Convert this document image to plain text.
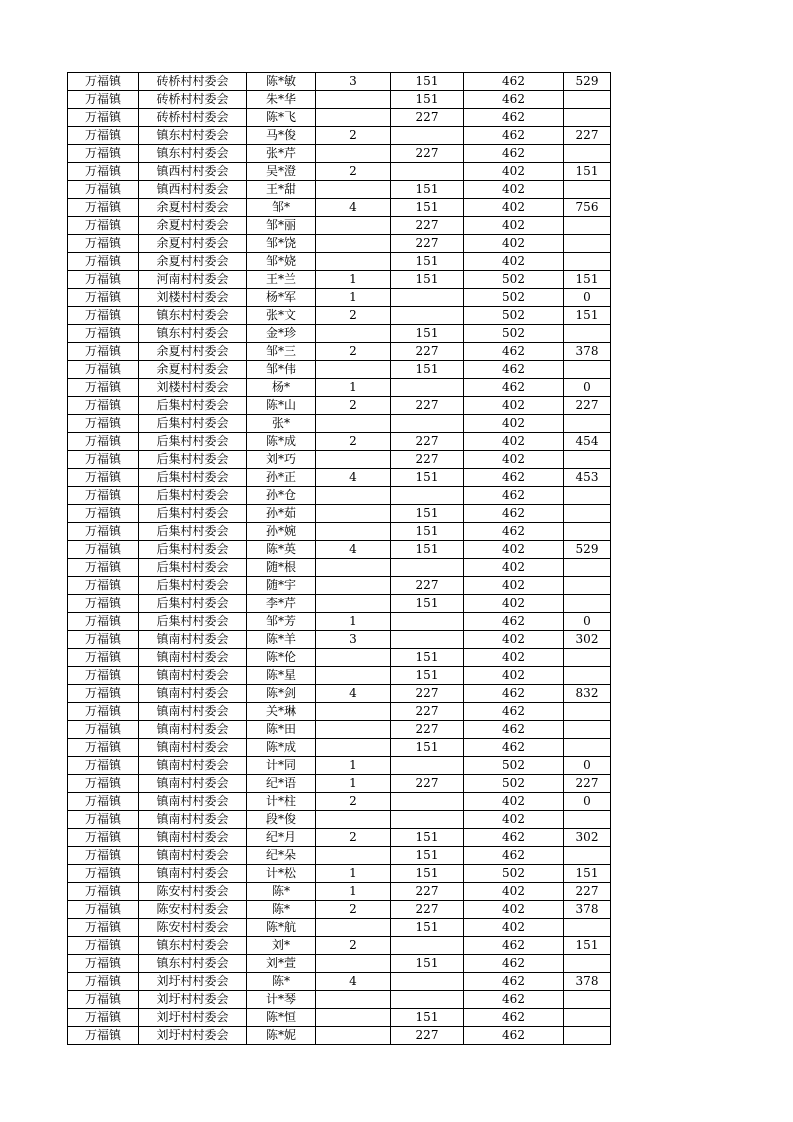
万福镇	砖桥村村委会	陈*敏	3	151	462	529
万福镇	砖桥村村委会	朱*华		151	462	
万福镇	砖桥村村委会	陈*飞		227	462	
万福镇	镇东村村委会	马*俊	2		462	227
万福镇	镇东村村委会	张*芹		227	462	
万福镇	镇西村村委会	吴*澄	2		402	151
万福镇	镇西村村委会	王*甜		151	402	
万福镇	余夏村村委会	邹*	4	151	402	756
万福镇	余夏村村委会	邹*丽		227	402	
万福镇	余夏村村委会	邹*饶		227	402	
万福镇	余夏村村委会	邹*娆		151	402	
万福镇	河南村村委会	王*兰	1	151	502	151
万福镇	刘楼村村委会	杨*军	1		502	0
万福镇	镇东村村委会	张*文	2		502	151
万福镇	镇东村村委会	金*珍		151	502	
万福镇	余夏村村委会	邹*三	2	227	462	378
万福镇	余夏村村委会	邹*伟		151	462	
万福镇	刘楼村村委会	杨*	1		462	0
万福镇	后集村村委会	陈*山	2	227	402	227
万福镇	后集村村委会	张*			402	
万福镇	后集村村委会	陈*成	2	227	402	454
万福镇	后集村村委会	刘*巧		227	402	
万福镇	后集村村委会	孙*正	4	151	462	453
万福镇	后集村村委会	孙*仓			462	
万福镇	后集村村委会	孙*茹		151	462	
万福镇	后集村村委会	孙*婉		151	462	
万福镇	后集村村委会	陈*英	4	151	402	529
万福镇	后集村村委会	随*根			402	
万福镇	后集村村委会	随*宇		227	402	
万福镇	后集村村委会	李*芹		151	402	
万福镇	后集村村委会	邹*芳	1		462	0
万福镇	镇南村村委会	陈*羊	3		402	302
万福镇	镇南村村委会	陈*伦		151	402	
万福镇	镇南村村委会	陈*星		151	402	
万福镇	镇南村村委会	陈*剑	4	227	462	832
万福镇	镇南村村委会	关*琳		227	462	
万福镇	镇南村村委会	陈*田		227	462	
万福镇	镇南村村委会	陈*成		151	462	
万福镇	镇南村村委会	计*同	1		502	0
万福镇	镇南村村委会	纪*语	1	227	502	227
万福镇	镇南村村委会	计*柱	2		402	0
万福镇	镇南村村委会	段*俊			402	
万福镇	镇南村村委会	纪*月	2	151	462	302
万福镇	镇南村村委会	纪*朵		151	462	
万福镇	镇南村村委会	计*松	1	151	502	151
万福镇	陈安村村委会	陈*	1	227	402	227
万福镇	陈安村村委会	陈*	2	227	402	378
万福镇	陈安村村委会	陈*航		151	402	
万福镇	镇东村村委会	刘*	2		462	151
万福镇	镇东村村委会	刘*萱		151	462	
万福镇	刘圩村村委会	陈*	4		462	378
万福镇	刘圩村村委会	计*琴			462	
万福镇	刘圩村村委会	陈*恒		151	462	
万福镇	刘圩村村委会	陈*妮		227	462	
